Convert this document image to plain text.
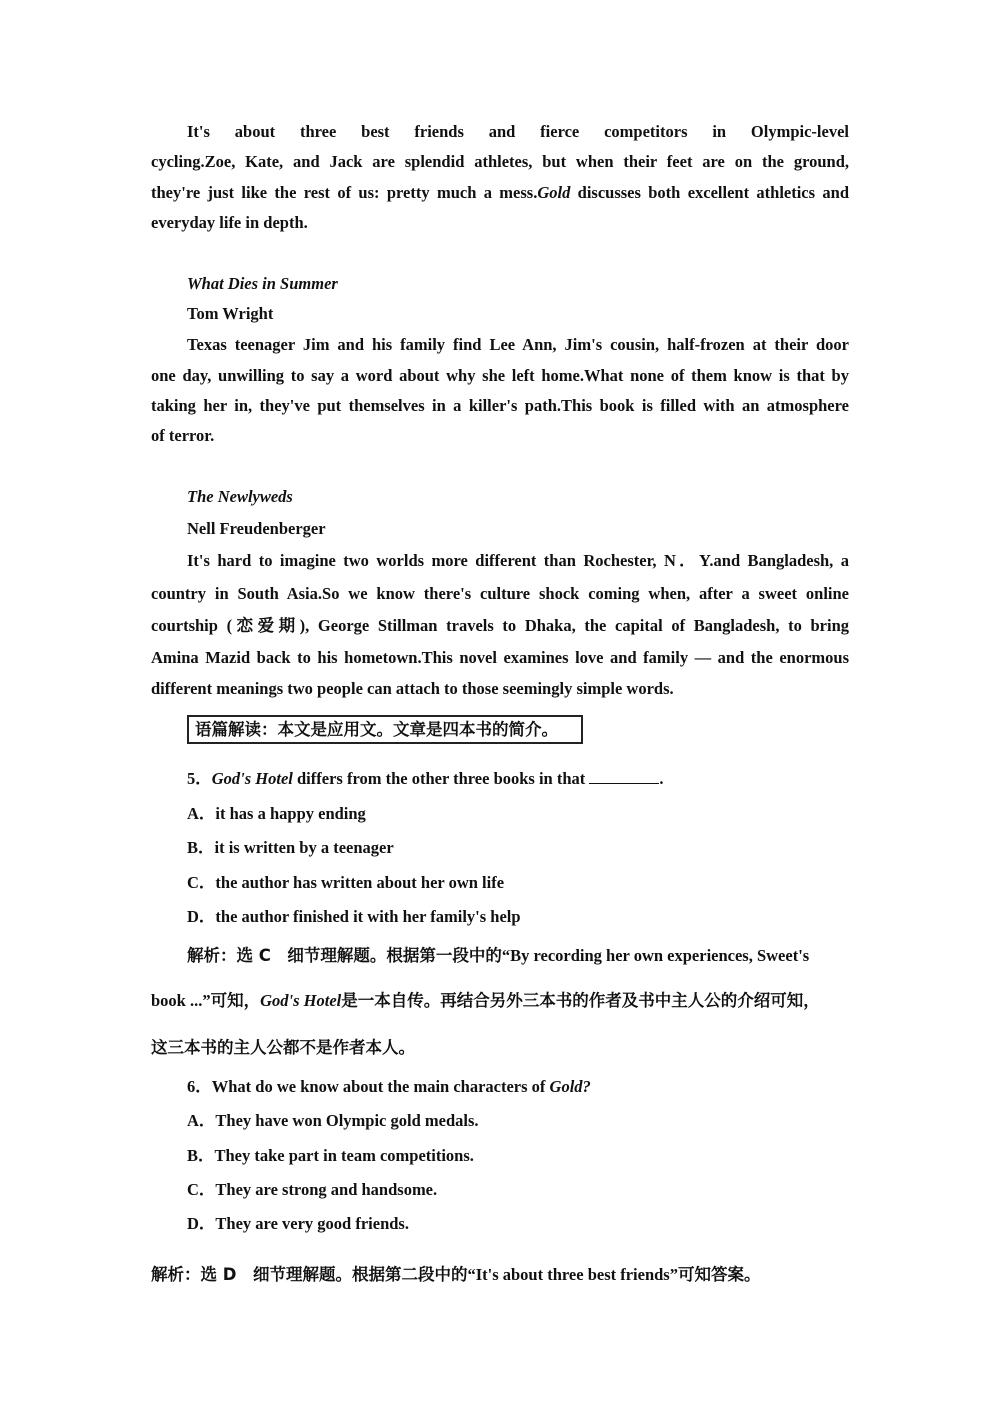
It's about three best friends and fierce competitors in Olympic-level
cycling.Zoe, Kate, and Jack are splendid athletes, but when their feet are on the ground,
they're just like the rest of us: pretty much a mess.Gold discusses both excellent athletics and
everyday life in depth.
What Dies in Summer
Tom Wright
Texas teenager Jim and his family find Lee Ann, Jim's cousin, half-frozen at their door
one day, unwilling to say a word about why she left home.What none of them know is that by
taking her in, they've put themselves in a killer's path.This book is filled with an atmosphere
of terror.
The Newlyweds
Nell Freudenberger
It's hard to imagine two worlds more different than Rochester, N．Y.and Bangladesh, a
country in South Asia.So we know there's culture shock coming when, after a sweet online
courtship (恋爱期), George Stillman travels to Dhaka, the capital of Bangladesh, to bring
Amina Mazid back to his hometown.This novel examines love and family — and the enormous
different meanings two people can attach to those seemingly simple words.
语篇解读：本文是应用文。文章是四本书的简介。
5．God's Hotel differs from the other three books in that	.
A．it has a happy ending
B．it is written by a teenager
C．the author has written about her own life
D．the author finished it with her family's help
解析：选 C　细节理解题。根据第一段中的“By recording her own experiences, Sweet's
book ...”可知，God's Hotel是一本自传。再结合另外三本书的作者及书中主人公的介绍可知，
这三本书的主人公都不是作者本人。
6．What do we know about the main characters of Gold?
A．They have won Olympic gold medals.
B．They take part in team competitions.
C．They are strong and handsome.
D．They are very good friends.
解析：选 D　细节理解题。根据第二段中的“It's about three best friends”可知答案。
